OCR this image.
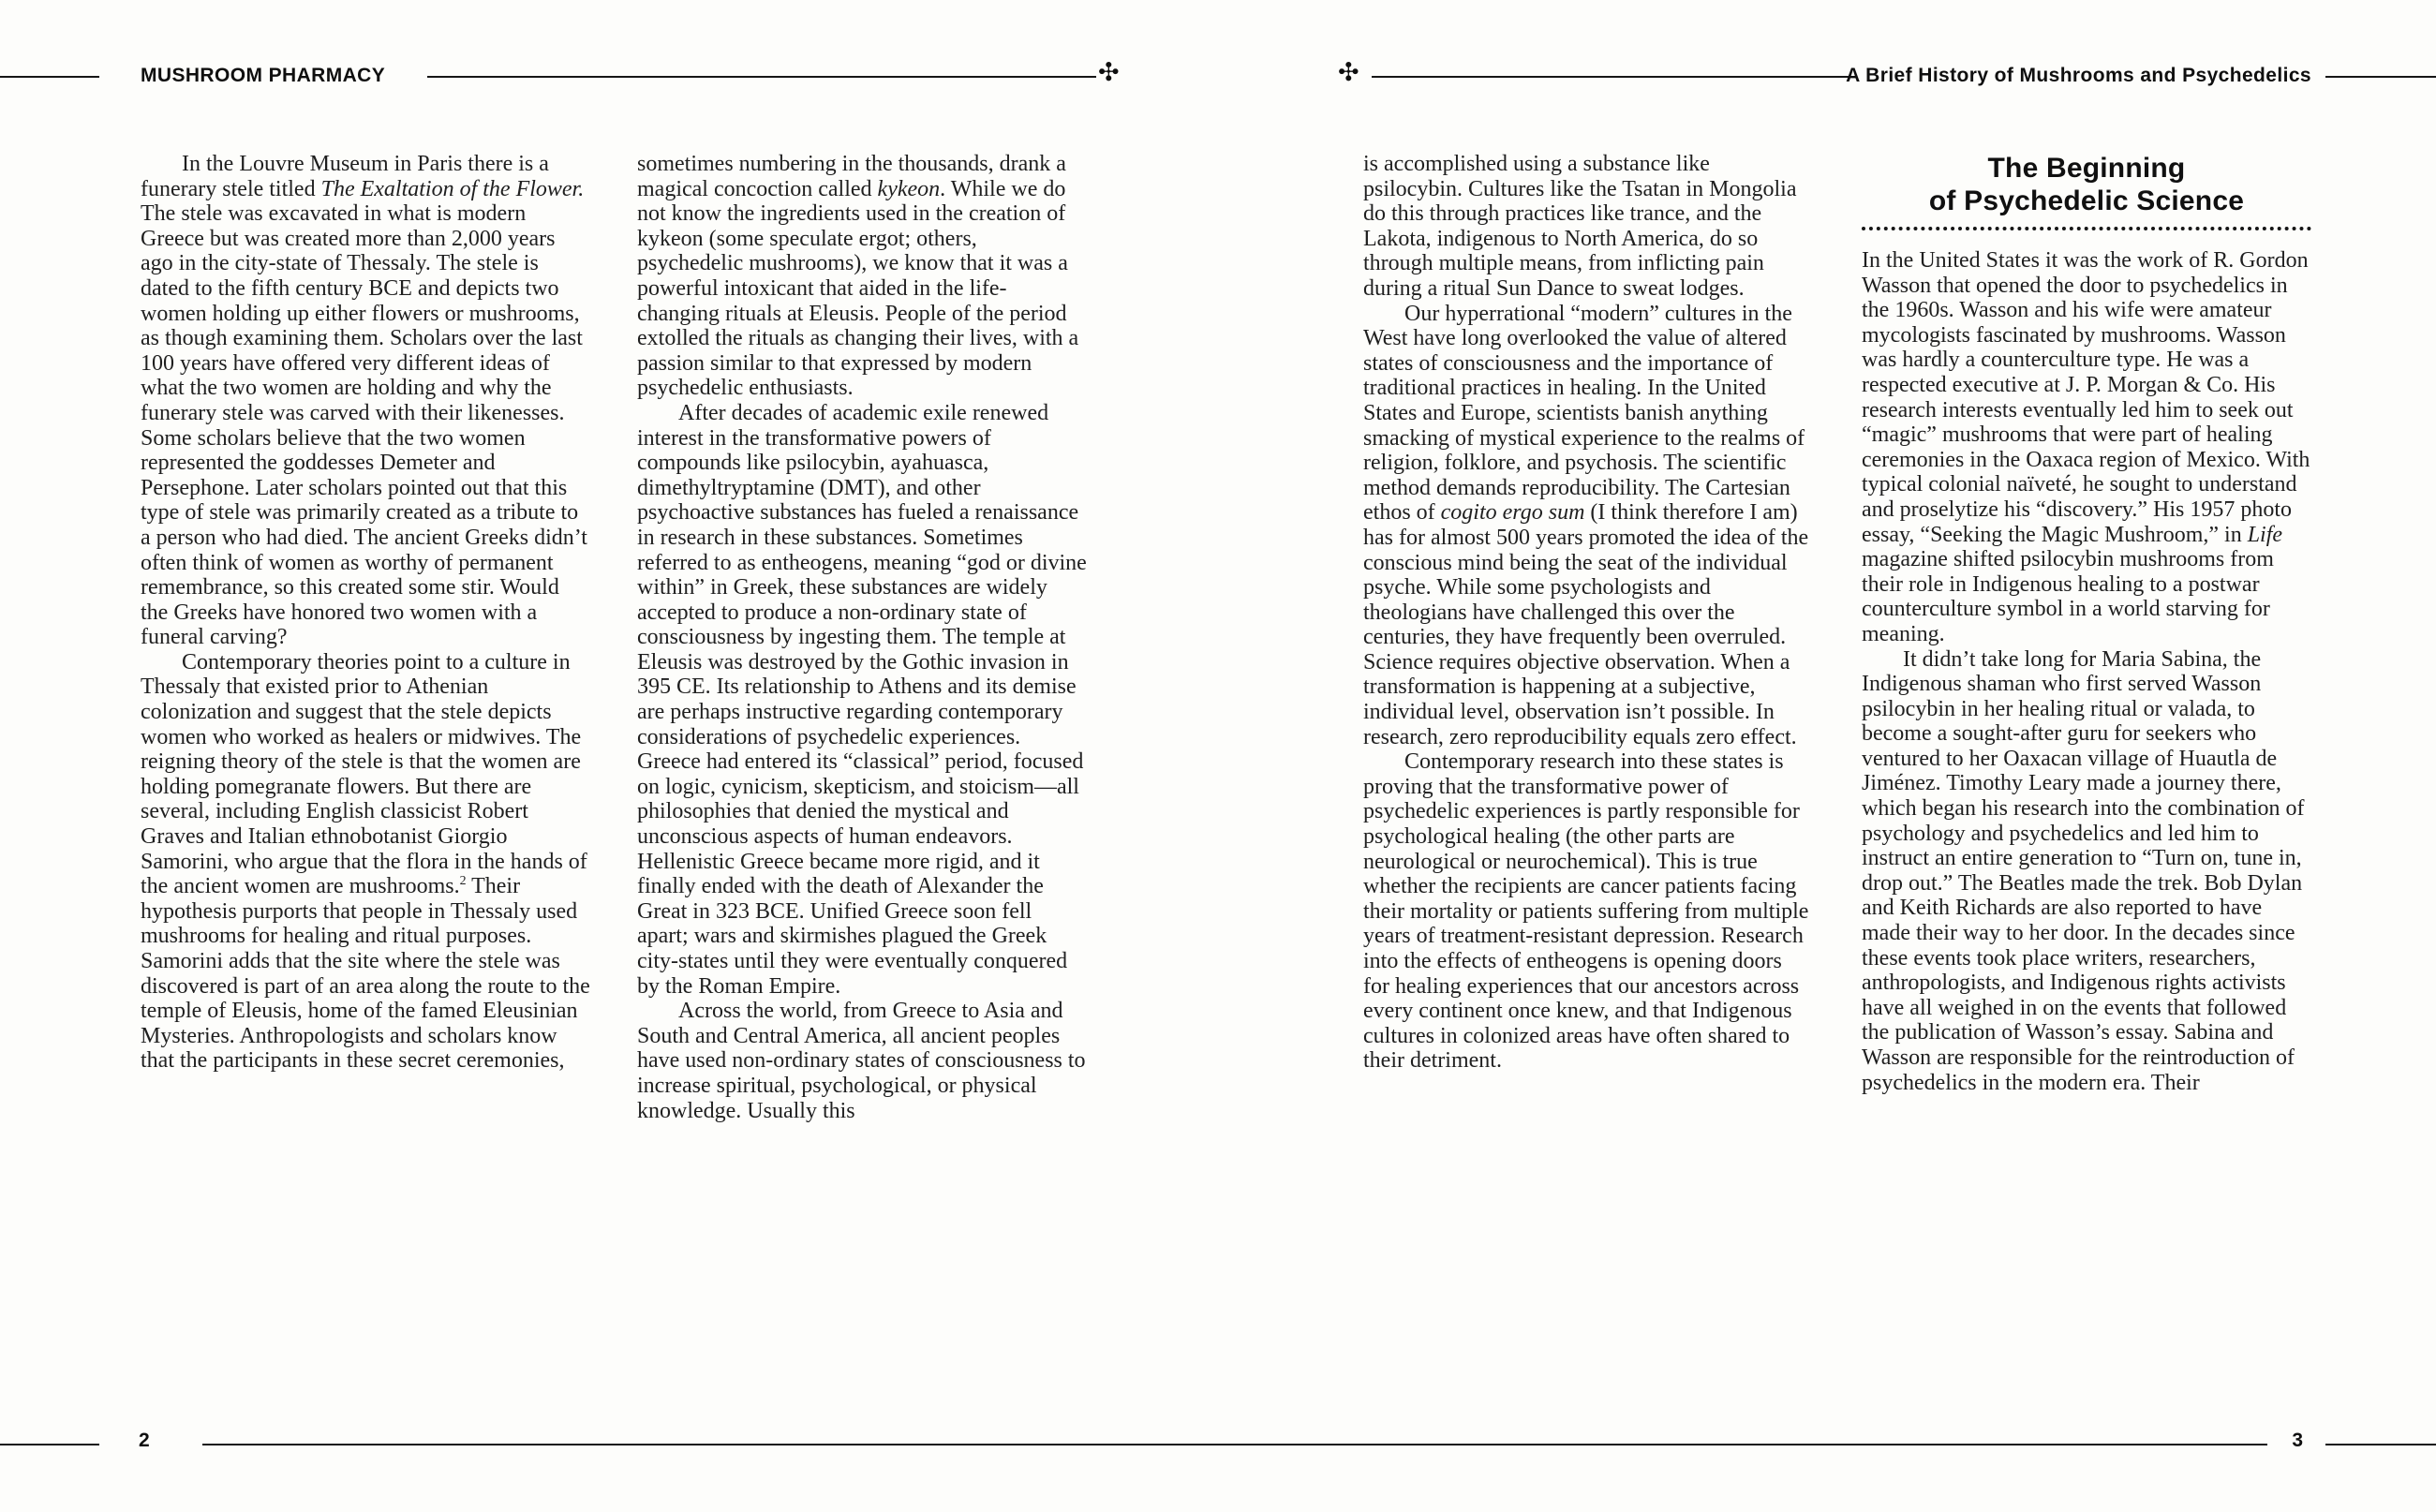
MUSHROOM PHARMACY	✣	✣	A Brief History of Mushrooms and Psychedelics

In the Louvre Museum in Paris there is a funerary stele titled The Exaltation of the Flower. The stele was excavated in what is modern Greece but was created more than 2,000 years ago in the city-state of Thessaly. The stele is dated to the fifth century BCE and depicts two women holding up either flowers or mushrooms, as though examining them. Scholars over the last 100 years have offered very different ideas of what the two women are holding and why the funerary stele was carved with their likenesses. Some scholars believe that the two women represented the goddesses Demeter and Persephone. Later scholars pointed out that this type of stele was primarily created as a tribute to a person who had died. The ancient Greeks didn’t often think of women as worthy of permanent remembrance, so this created some stir. Would the Greeks have honored two women with a funeral carving?

Contemporary theories point to a culture in Thessaly that existed prior to Athenian colonization and suggest that the stele depicts women who worked as healers or midwives. The reigning theory of the stele is that the women are holding pomegranate flowers. But there are several, including English classicist Robert Graves and Italian ethnobotanist Giorgio Samorini, who argue that the flora in the hands of the ancient women are mushrooms.$^2$ Their hypothesis purports that people in Thessaly used mushrooms for healing and ritual purposes. Samorini adds that the site where the stele was discovered is part of an area along the route to the temple of Eleusis, home of the famed Eleusinian Mysteries. Anthropologists and scholars know that the participants in these secret ceremonies,

sometimes numbering in the thousands, drank a magical concoction called kykeon. While we do not know the ingredients used in the creation of kykeon (some speculate ergot; others, psychedelic mushrooms), we know that it was a powerful intoxicant that aided in the life-changing rituals at Eleusis. People of the period extolled the rituals as changing their lives, with a passion similar to that expressed by modern psychedelic enthusiasts.

After decades of academic exile renewed interest in the transformative powers of compounds like psilocybin, ayahuasca, dimethyltryptamine (DMT), and other psychoactive substances has fueled a renaissance in research in these substances. Sometimes referred to as entheogens, meaning “god or divine within” in Greek, these substances are widely accepted to produce a non-ordinary state of consciousness by ingesting them. The temple at Eleusis was destroyed by the Gothic invasion in 395 CE. Its relationship to Athens and its demise are perhaps instructive regarding contemporary considerations of psychedelic experiences. Greece had entered its “classical” period, focused on logic, cynicism, skepticism, and stoicism—all philosophies that denied the mystical and unconscious aspects of human endeavors. Hellenistic Greece became more rigid, and it finally ended with the death of Alexander the Great in 323 BCE. Unified Greece soon fell apart; wars and skirmishes plagued the Greek city-states until they were eventually conquered by the Roman Empire.

Across the world, from Greece to Asia and South and Central America, all ancient peoples have used non-ordinary states of consciousness to increase spiritual, psychological, or physical knowledge. Usually this

is accomplished using a substance like psilocybin. Cultures like the Tsatan in Mongolia do this through practices like trance, and the Lakota, indigenous to North America, do so through multiple means, from inflicting pain during a ritual Sun Dance to sweat lodges.

Our hyperrational “modern” cultures in the West have long overlooked the value of altered states of consciousness and the importance of traditional practices in healing. In the United States and Europe, scientists banish anything smacking of mystical experience to the realms of religion, folklore, and psychosis. The scientific method demands reproducibility. The Cartesian ethos of cogito ergo sum (I think therefore I am) has for almost 500 years promoted the idea of the conscious mind being the seat of the individual psyche. While some psychologists and theologians have challenged this over the centuries, they have frequently been overruled. Science requires objective observation. When a transformation is happening at a subjective, individual level, observation isn’t possible. In research, zero reproducibility equals zero effect.

Contemporary research into these states is proving that the transformative power of psychedelic experiences is partly responsible for psychological healing (the other parts are neurological or neurochemical). This is true whether the recipients are cancer patients facing their mortality or patients suffering from multiple years of treatment-resistant depression. Research into the effects of entheogens is opening doors for healing experiences that our ancestors across every continent once knew, and that Indigenous cultures in colonized areas have often shared to their detriment.

The Beginning
of Psychedelic Science

In the United States it was the work of R. Gordon Wasson that opened the door to psychedelics in the 1960s. Wasson and his wife were amateur mycologists fascinated by mushrooms. Wasson was hardly a counterculture type. He was a respected executive at J. P. Morgan & Co. His research interests eventually led him to seek out “magic” mushrooms that were part of healing ceremonies in the Oaxaca region of Mexico. With typical colonial naïveté, he sought to understand and proselytize his “discovery.” His 1957 photo essay, “Seeking the Magic Mushroom,” in Life magazine shifted psilocybin mushrooms from their role in Indigenous healing to a postwar counterculture symbol in a world starving for meaning.

It didn’t take long for Maria Sabina, the Indigenous shaman who first served Wasson psilocybin in her healing ritual or valada, to become a sought-after guru for seekers who ventured to her Oaxacan village of Huautla de Jiménez. Timothy Leary made a journey there, which began his research into the combination of psychology and psychedelics and led him to instruct an entire generation to “Turn on, tune in, drop out.” The Beatles made the trek. Bob Dylan and Keith Richards are also reported to have made their way to her door. In the decades since these events took place writers, researchers, anthropologists, and Indigenous rights activists have all weighed in on the events that followed the publication of Wasson’s essay. Sabina and Wasson are responsible for the reintroduction of psychedelics in the modern era. Their

2	3
